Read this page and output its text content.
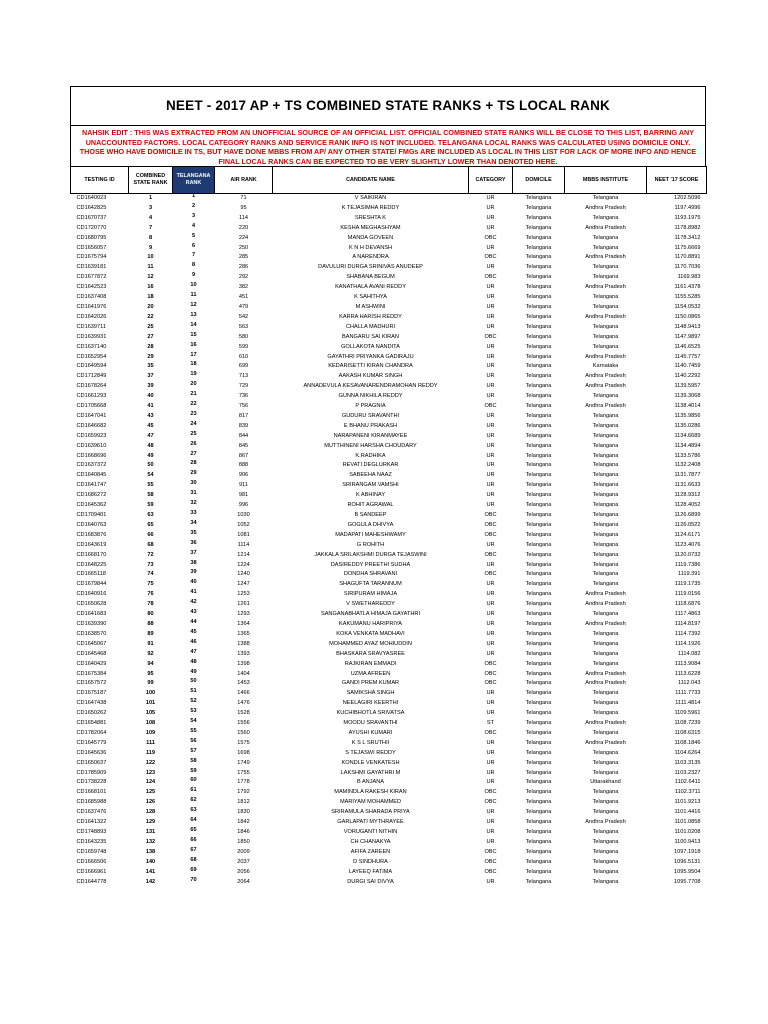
NEET - 2017 AP + TS COMBINED STATE RANKS + TS LOCAL RANK
NAHSIK EDIT : THIS WAS EXTRACTED FROM AN UNOFFICIAL SOURCE OF AN OFFICIAL LIST. OFFICIAL COMBINED STATE RANKS WILL BE CLOSE TO THIS LIST, BARRING ANY UNACCOUNTED FACTORS. LOCAL CATEGORY RANKS AND SERVICE RANK INFO IS NOT INCLUDED. TELANGANA LOCAL RANKS WAS CALCULATED USING DOMICILE ONLY. THOSE WHO HAVE DOMICILE IN TS, BUT HAVE DONE MBBS FROM AP/ ANY OTHER STATE/ FMGs ARE INCLUDED AS LOCAL IN THIS LIST FOR LACK OF MORE INFO AND HENCE FINAL LOCAL RANKS CAN BE EXPECTED TO BE VERY SLIGHTLY LOWER THAN DENOTED HERE.
TESTING ID	COMBINED STATE RANK	TELANGANA RANK	AIR RANK	CANDIDATE NAME	CATEGORY	DOMICILE	MBBS INSTITUTE	NEET '17 SCORE
CD1640023	1	1	71	V SAIKIRAN	UR	Telangana	Telangana	1202.5096
CD1642825	3	2	95	K TEJASIMHA REDDY	UR	Telangana	Andhra Pradesh	1197.4996
CD1670737	4	3	114	SRESHTA K	UR	Telangana	Telangana	1193.1975
CD1720770	7	4	220	KESHA MEGHASHYAM	UR	Telangana	Andhra Pradesh	1178.8982
CD1680795	8	5	224	MANDA GOVEEN	OBC	Telangana	Telangana	1178.3412
CD1656057	9	6	250	K N H DEVANSH	UR	Telangana	Telangana	1175.6669
CD1675794	10	7	285	A NARENDRA	OBC	Telangana	Andhra Pradesh	1170.8891
CD1639181	11	8	286	DAVULURI DURGA SRINIVAS ANUDEEP	UR	Telangana	Telangana	1170.7036
CD1677872	12	9	292	SHABANA BEGUM	OBC	Telangana	Telangana	1169.983
CD1642523	16	10	382	KANATHALA AVANI REDDY	UR	Telangana	Andhra Pradesh	1161.4378
CD1637408	18	11	451	K SAHITHYA	UR	Telangana	Telangana	1155.5285
CD1641976	20	12	479	M ASHWINI	UR	Telangana	Telangana	1154.0532
CD1642026	22	13	542	KARRA HARISH REDDY	UR	Telangana	Andhra Pradesh	1150.0865
CD1639711	25	14	563	CHALLA MADHURI	UR	Telangana	Telangana	1148.9413
CD1639931	27	15	580	BANGARU SAI KIRAN	OBC	Telangana	Telangana	1147.9897
CD1637140	28	16	599	GOLLAKOTA NANDITA	UR	Telangana	Telangana	1146.6525
CD1652954	29	17	610	GAYATHRI PRIYANKA GADIRAJU	UR	Telangana	Andhra Pradesh	1145.7757
CD1649594	35	18	699	KEDARISETTI KIRAN CHANDRA	UR	Telangana	Karnataka	1140.7459
CD1712849	37	19	713	AAKASH KUMAR SINGH	UR	Telangana	Andhra Pradesh	1140.2292
CD1678264	39	20	729	ANNADEVULA KESAVANARENDRAMOHAN REDDY	UR	Telangana	Andhra Pradesh	1139.5957
CD1661293	40	21	736	GUNNA NIKHILA REDDY	UR	Telangana	Telangana	1139.3068
CD1705668	41	22	756	P PRAGNIA	OBC	Telangana	Andhra Pradesh	1138.4014
CD1647041	43	23	817	GUDURU SRAVANTHI	UR	Telangana	Telangana	1135.9856
CD1646682	45	24	839	E BHANU PRAKASH	UR	Telangana	Telangana	1135.0286
CD1659923	47	25	844	NARAPANENI KIRANMAYEE	UR	Telangana	Telangana	1134.6689
CD1639610	48	26	845	MUTTHINENI HARSHA CHOUDARY	UR	Telangana	Telangana	1134.4894
CD1668696	49	27	867	K.RADHIKA	UR	Telangana	Telangana	1133.5786
CD1637372	50	28	888	REVATI DEGLURKAR	UR	Telangana	Telangana	1132.2408
CD1640845	54	29	906	SABEEHA NAAZ	UR	Telangana	Telangana	1131.7877
CD1641747	55	30	911	SRIRANGAM VAMSHI	UR	Telangana	Telangana	1131.6633
CD1686272	58	31	981	K ABHINAY	UR	Telangana	Telangana	1128.9312
CD1645362	59	32	996	ROHIT AGRAWAL	UR	Telangana	Telangana	1128.4052
CD1709401	63	33	1030	B SANDEEP	OBC	Telangana	Telangana	1126.6899
CD1640763	65	34	1052	GOGULA DHIVYA	OBC	Telangana	Telangana	1126.0522
CD1683876	66	35	1081	MADAPATI MAHESHWAMY	OBC	Telangana	Telangana	1124.6171
CD1643619	68	36	1114	G ROHITH	UR	Telangana	Telangana	1123.4076
CD1668170	72	37	1214	JAKKALA SRILAKSHMI DURGA TEJASWINI	OBC	Telangana	Telangana	1120.0732
CD1648225	73	38	1224	DASIREDDY PREETHI SUDHA	UR	Telangana	Telangana	1119.7386
CD1665118	74	39	1240	DONDHA SHRAVANI	OBC	Telangana	Telangana	1119.391
CD1679844	75	40	1247	SHAGUFTA TARANNUM	UR	Telangana	Telangana	1119.1735
CD1640916	76	41	1253	SIRIPURAM HIMAJA	UR	Telangana	Andhra Pradesh	1119.0156
CD1650628	78	42	1261	V SWETHAREDDY	UR	Telangana	Andhra Pradesh	1118.6876
CD1641683	80	43	1293	SANGANABHATLA HIMAJA GAYATHRI	UR	Telangana	Telangana	1117.4863
CD1639390	88	44	1364	KAKUMANU HARIPRIYA	UR	Telangana	Andhra Pradesh	1114.8197
CD1638570	89	45	1365	KOKA VENKATA MADHAVI	UR	Telangana	Telangana	1114.7392
CD1645067	91	46	1388	MOHAMMED AYAZ MOHIUDDIN	UR	Telangana	Telangana	1114.1926
CD1645468	92	47	1393	BHASKARA SRAVYASREE	UR	Telangana	Telangana	1114.082
CD1640429	94	48	1398	RAJKIRAN EMMADI	OBC	Telangana	Telangana	1113.9084
CD1675384	95	49	1404	UZMA AFREEN	OBC	Telangana	Andhra Pradesh	1113.6228
CD1657572	99	50	1453	GANDI PREM KUMAR	OBC	Telangana	Andhra Pradesh	1112.043
CD1675187	100	51	1466	SAMIKSHA SINGH	UR	Telangana	Telangana	1111.7733
CD1647438	101	52	1476	NEELAGIRI KEERTHI	UR	Telangana	Telangana	1111.4814
CD1650262	105	53	1528	KUCHIBHOTLA SRIVATSA	UR	Telangana	Telangana	1109.5961
CD1654881	108	54	1556	MOODU SRAVANTHI	ST	Telangana	Andhra Pradesh	1108.7239
CD1782064	109	55	1560	AYUSHI KUMARI	OBC	Telangana	Telangana	1108.6315
CD1645779	111	56	1575	K S L SRUTHII	UR	Telangana	Andhra Pradesh	1108.1846
CD1645636	119	57	1698	S TEJASWI REDDY	UR	Telangana	Telangana	1104.6264
CD1650637	122	58	1749	KONDLE VENKATESH	UR	Telangana	Telangana	1103.3135
CD1785909	123	59	1755	LAKSHMI GAYATHRI M	UR	Telangana	Telangana	1103.2327
CD1738228	124	60	1778	B ANJANA	UR	Telangana	Uttarakhand	1102.6411
CD1668101	125	61	1792	MAMINDLA RAKESH KIRAN	OBC	Telangana	Telangana	1102.3711
CD1685988	126	62	1812	MARIYAM MOHAMMED	OBC	Telangana	Telangana	1101.9213
CD1637476	128	63	1830	SRIRAMULA SHARADA PRIYA	UR	Telangana	Telangana	1101.4416
CD1641322	129	64	1842	GARLAPATI MYTHRAYEE	UR	Telangana	Andhra Pradesh	1101.0858
CD1748893	131	65	1846	VORUGANTI NITHIN	UR	Telangana	Telangana	1101.0208
CD1643235	132	66	1850	CH CHANAKYA	UR	Telangana	Telangana	1100.9413
CD1659748	138	67	2009	AFIFA ZAREEN	OBC	Telangana	Telangana	1097.1918
CD1666506	140	68	2037	D SINDHURA	OBC	Telangana	Telangana	1096.5131
CD1666961	141	69	2056	LAYEEQ FATIMA	OBC	Telangana	Telangana	1095.9504
CD1644778	142	70	2064	DURGI SAI DIVYA	UR	Telangana	Telangana	1095.7708
